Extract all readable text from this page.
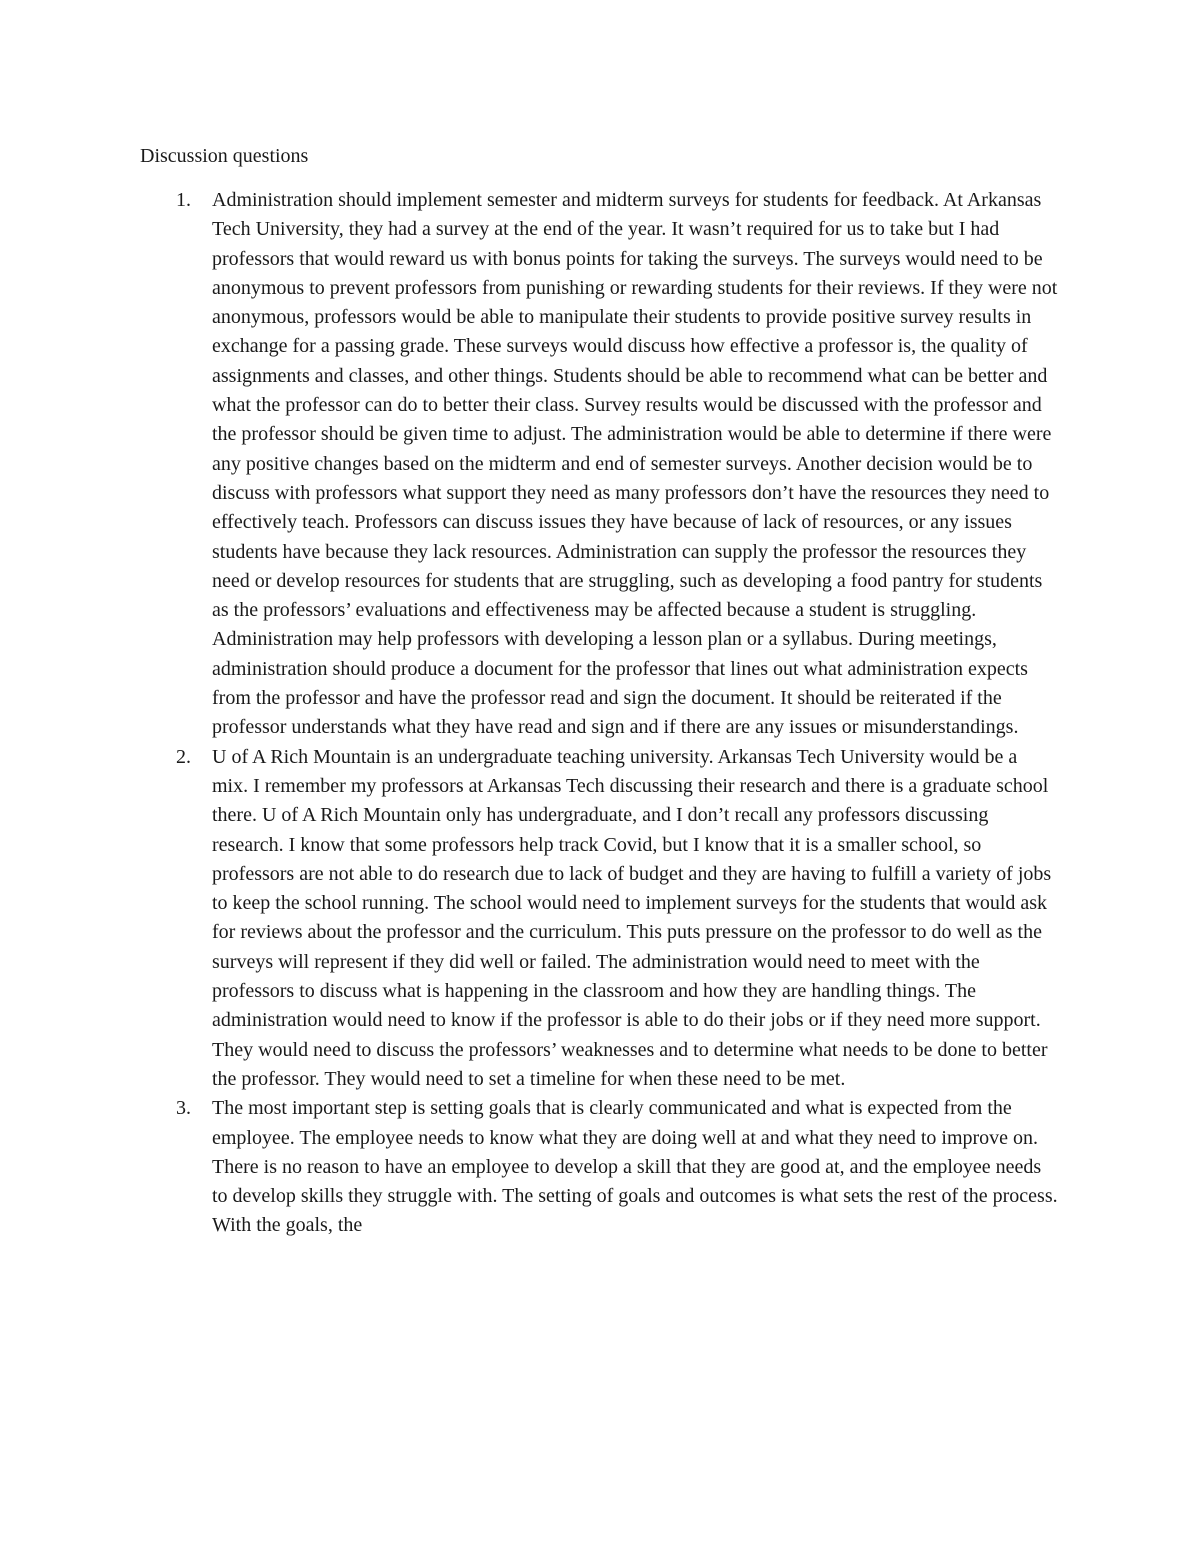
Discussion questions
1. Administration should implement semester and midterm surveys for students for feedback. At Arkansas Tech University, they had a survey at the end of the year. It wasn’t required for us to take but I had professors that would reward us with bonus points for taking the surveys. The surveys would need to be anonymous to prevent professors from punishing or rewarding students for their reviews. If they were not anonymous, professors would be able to manipulate their students to provide positive survey results in exchange for a passing grade. These surveys would discuss how effective a professor is, the quality of assignments and classes, and other things. Students should be able to recommend what can be better and what the professor can do to better their class. Survey results would be discussed with the professor and the professor should be given time to adjust. The administration would be able to determine if there were any positive changes based on the midterm and end of semester surveys. Another decision would be to discuss with professors what support they need as many professors don’t have the resources they need to effectively teach. Professors can discuss issues they have because of lack of resources, or any issues students have because they lack resources. Administration can supply the professor the resources they need or develop resources for students that are struggling, such as developing a food pantry for students as the professors’ evaluations and effectiveness may be affected because a student is struggling. Administration may help professors with developing a lesson plan or a syllabus. During meetings, administration should produce a document for the professor that lines out what administration expects from the professor and have the professor read and sign the document. It should be reiterated if the professor understands what they have read and sign and if there are any issues or misunderstandings.
2. U of A Rich Mountain is an undergraduate teaching university. Arkansas Tech University would be a mix. I remember my professors at Arkansas Tech discussing their research and there is a graduate school there. U of A Rich Mountain only has undergraduate, and I don’t recall any professors discussing research. I know that some professors help track Covid, but I know that it is a smaller school, so professors are not able to do research due to lack of budget and they are having to fulfill a variety of jobs to keep the school running. The school would need to implement surveys for the students that would ask for reviews about the professor and the curriculum. This puts pressure on the professor to do well as the surveys will represent if they did well or failed. The administration would need to meet with the professors to discuss what is happening in the classroom and how they are handling things. The administration would need to know if the professor is able to do their jobs or if they need more support. They would need to discuss the professors’ weaknesses and to determine what needs to be done to better the professor. They would need to set a timeline for when these need to be met.
3. The most important step is setting goals that is clearly communicated and what is expected from the employee. The employee needs to know what they are doing well at and what they need to improve on. There is no reason to have an employee to develop a skill that they are good at, and the employee needs to develop skills they struggle with. The setting of goals and outcomes is what sets the rest of the process. With the goals, the
